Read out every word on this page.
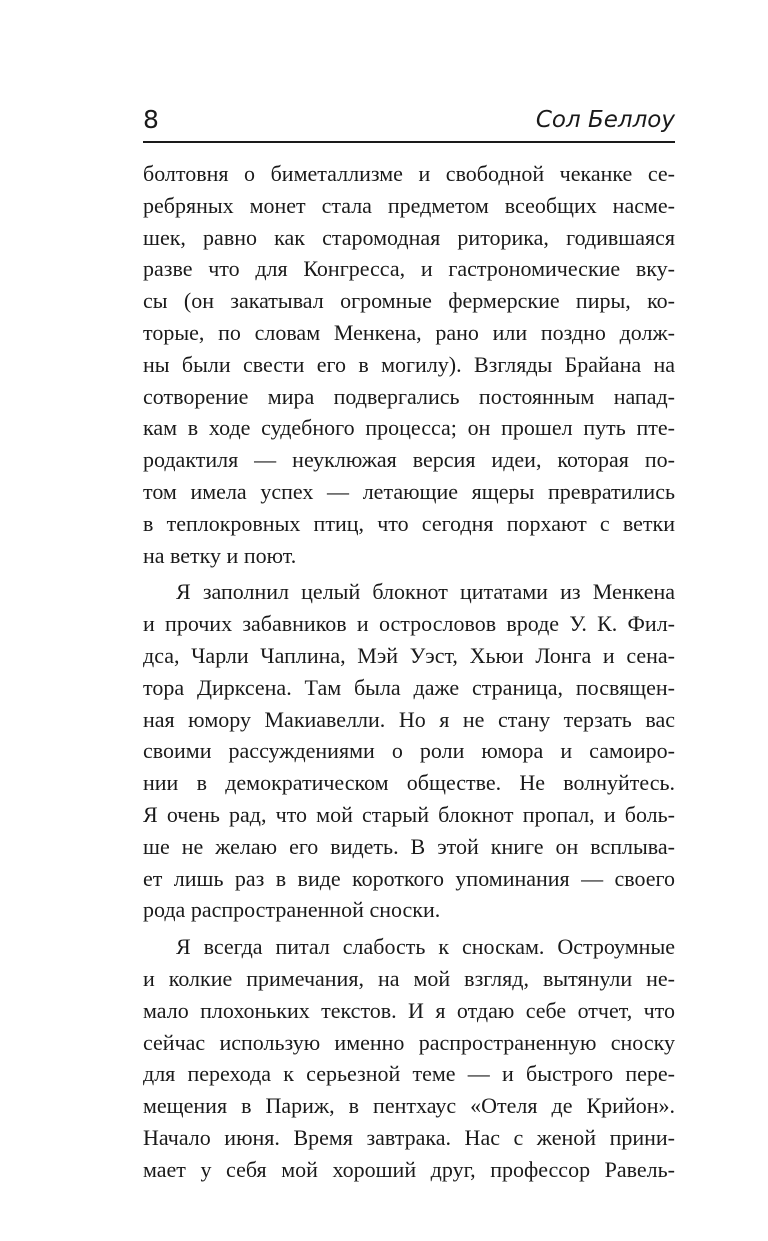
8	Сол Беллоу

болтовня о биметаллизме и свободной чеканке се-
ребряных монет стала предметом всеобщих насме-
шек, равно как старомодная риторика, годившаяся
разве что для Конгресса, и гастрономические вку-
сы (он закатывал огромные фермерские пиры, ко-
торые, по словам Менкена, рано или поздно долж-
ны были свести его в могилу). Взгляды Брайана на
сотворение мира подвергались постоянным напад-
кам в ходе судебного процесса; он прошел путь пте-
родактиля — неуклюжая версия идеи, которая по-
том имела успех — летающие ящеры превратились
в теплокровных птиц, что сегодня порхают с ветки
на ветку и поют.

Я заполнил целый блокнот цитатами из Менкена
и прочих забавников и острословов вроде У. К. Фил-
дса, Чарли Чаплина, Мэй Уэст, Хьюи Лонга и сена-
тора Дирксена. Там была даже страница, посвящен-
ная юмору Макиавелли. Но я не стану терзать вас
своими рассуждениями о роли юмора и самоиро-
нии в демократическом обществе. Не волнуйтесь.
Я очень рад, что мой старый блокнот пропал, и боль-
ше не желаю его видеть. В этой книге он всплыва-
ет лишь раз в виде короткого упоминания — своего
рода распространенной сноски.

Я всегда питал слабость к сноскам. Остроумные
и колкие примечания, на мой взгляд, вытянули не-
мало плохоньких текстов. И я отдаю себе отчет, что
сейчас использую именно распространенную сноску
для перехода к серьезной теме — и быстрого пере-
мещения в Париж, в пентхаус «Отеля де Крийон».
Начало июня. Время завтрака. Нас с женой прини-
мает у себя мой хороший друг, профессор Равель-
